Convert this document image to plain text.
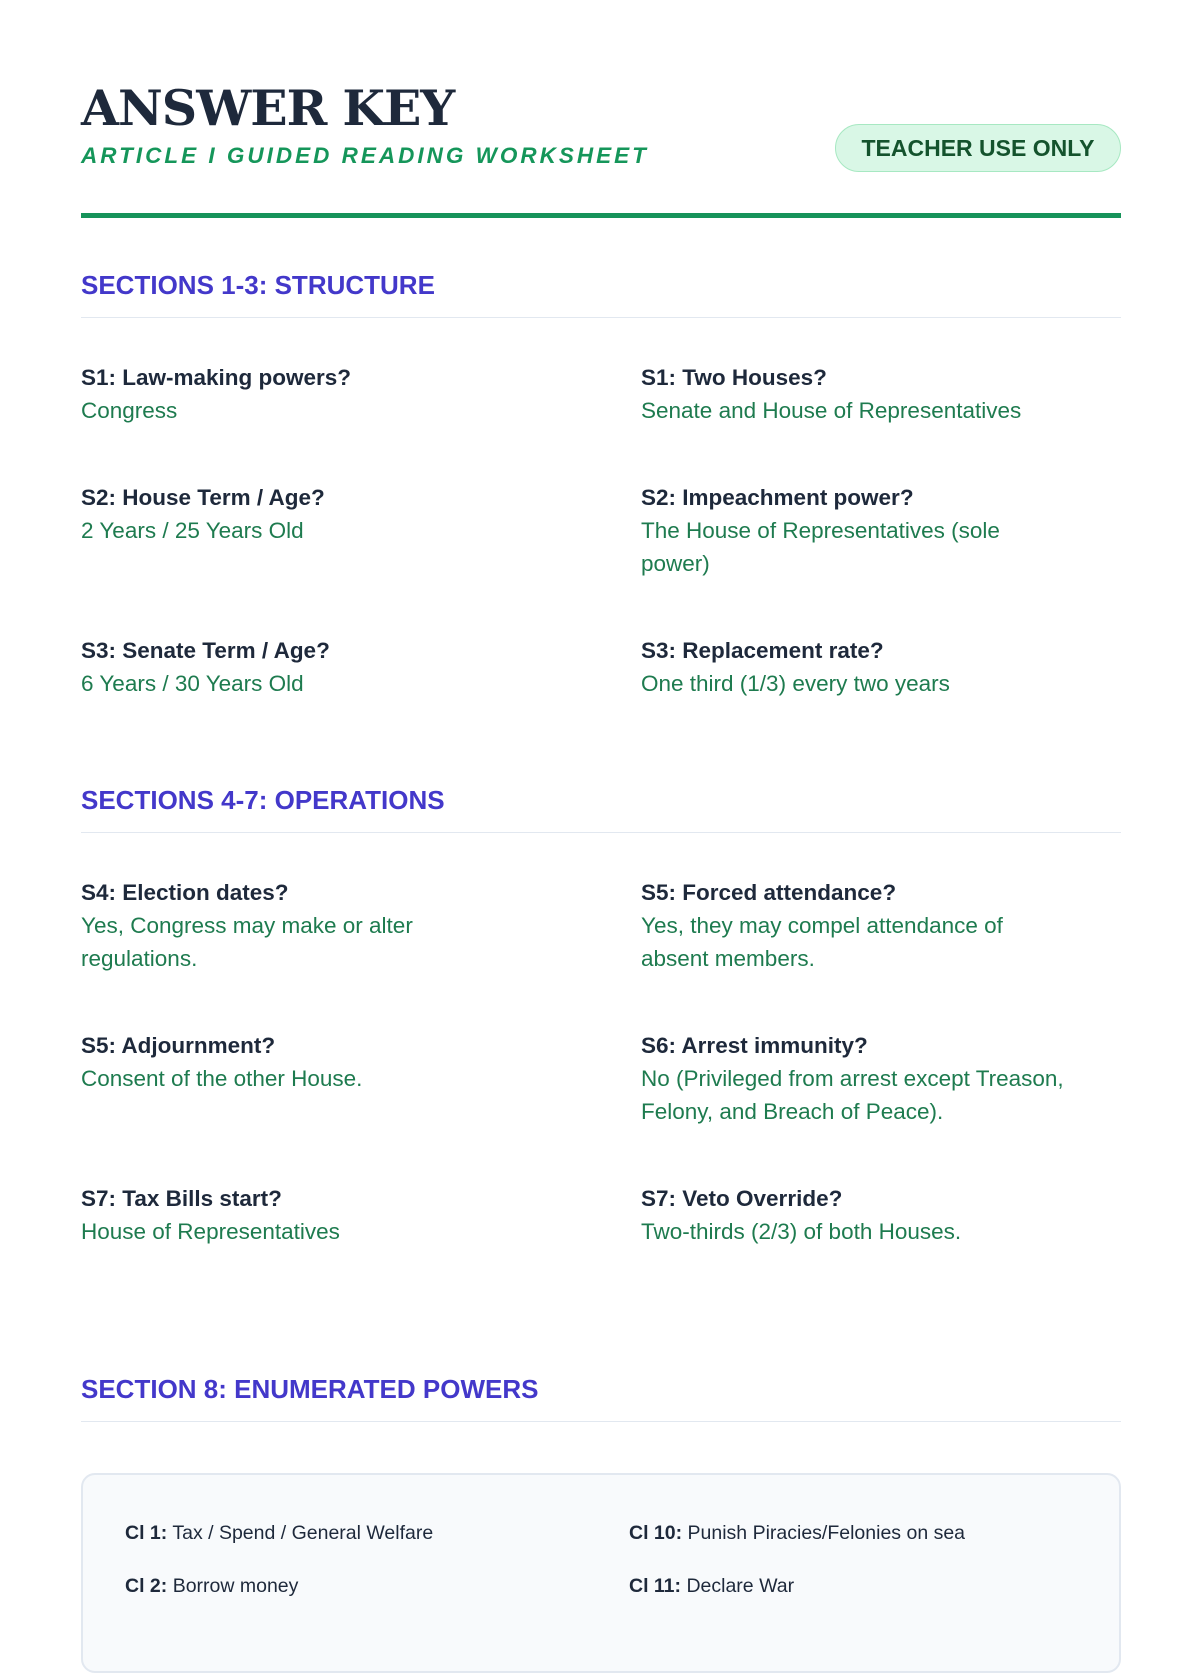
ANSWER KEY
ARTICLE I GUIDED READING WORKSHEET	TEACHER USE ONLY
SECTIONS 1-3: STRUCTURE
S1: Law-making powers?
Congress
S1: Two Houses?
Senate and House of Representatives
S2: House Term / Age?
2 Years / 25 Years Old
S2: Impeachment power?
The House of Representatives (sole power)
S3: Senate Term / Age?
6 Years / 30 Years Old
S3: Replacement rate?
One third (1/3) every two years
SECTIONS 4-7: OPERATIONS
S4: Election dates?
Yes, Congress may make or alter regulations.
S5: Forced attendance?
Yes, they may compel attendance of absent members.
S5: Adjournment?
Consent of the other House.
S6: Arrest immunity?
No (Privileged from arrest except Treason, Felony, and Breach of Peace).
S7: Tax Bills start?
House of Representatives
S7: Veto Override?
Two-thirds (2/3) of both Houses.
SECTION 8: ENUMERATED POWERS
Cl 1: Tax / Spend / General Welfare	Cl 10: Punish Piracies/Felonies on sea
Cl 2: Borrow money	Cl 11: Declare War
